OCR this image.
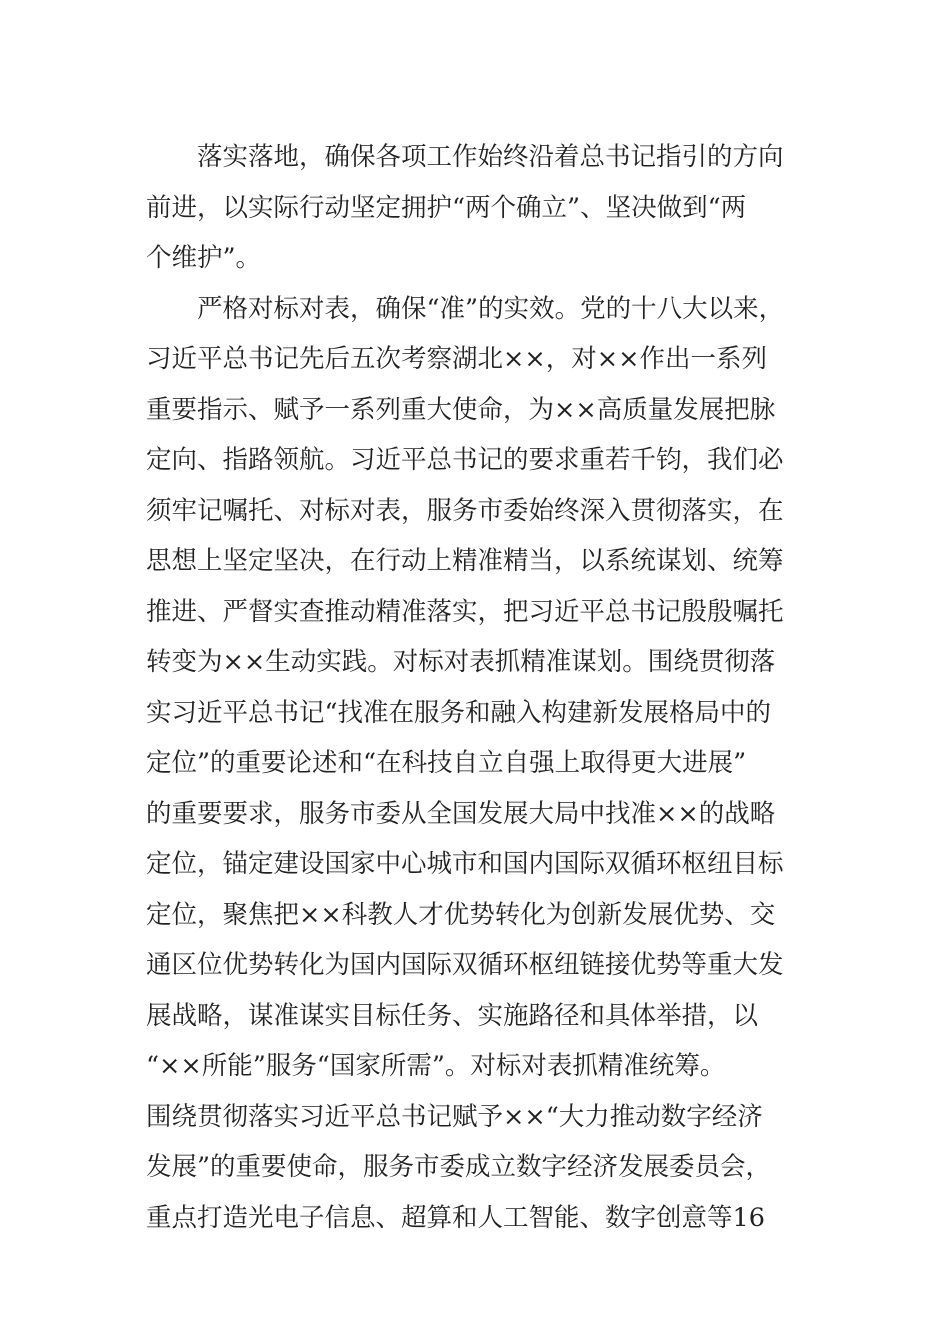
落实落地，确保各项工作始终沿着总书记指引的方向
前进，以实际行动坚定拥护“两个确立”、坚决做到“两
个维护”。
严格对标对表，确保“准”的实效。党的十八大以来，
习近平总书记先后五次考察湖北××，对××作出一系列
重要指示、赋予一系列重大使命，为××高质量发展把脉
定向、指路领航。习近平总书记的要求重若千钧，我们必
须牢记嘱托、对标对表，服务市委始终深入贯彻落实，在
思想上坚定坚决，在行动上精准精当，以系统谋划、统筹
推进、严督实查推动精准落实，把习近平总书记殷殷嘱托
转变为××生动实践。对标对表抓精准谋划。围绕贯彻落
实习近平总书记“找准在服务和融入构建新发展格局中的
定位”的重要论述和“在科技自立自强上取得更大进展”
的重要要求，服务市委从全国发展大局中找准××的战略
定位，锚定建设国家中心城市和国内国际双循环枢纽目标
定位，聚焦把××科教人才优势转化为创新发展优势、交
通区位优势转化为国内国际双循环枢纽链接优势等重大发
展战略，谋准谋实目标任务、实施路径和具体举措，以
“××所能”服务“国家所需”。对标对表抓精准统筹。
围绕贯彻落实习近平总书记赋予××“大力推动数字经济
发展”的重要使命，服务市委成立数字经济发展委员会，
重点打造光电子信息、超算和人工智能、数字创意等16
